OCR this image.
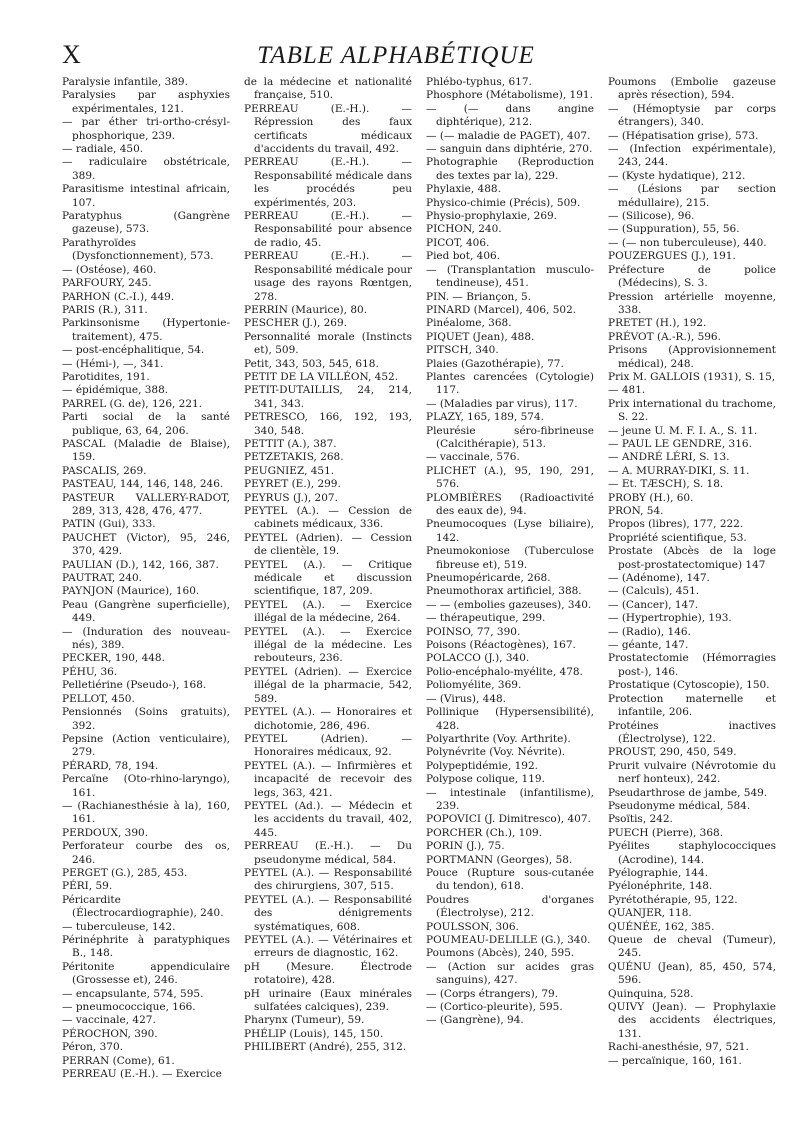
X	TABLE ALPHABÉTIQUE

Paralysie infantile, 389.

Paralysies par asphyxies expérimentales, 121.

— par éther tri-ortho-crésyl-phosphorique, 239.

— radiale, 450.

— radiculaire obstétricale, 389.

Parasitisme intestinal africain, 107.

Paratyphus (Gangrène gazeuse), 573.

Parathyroïdes (Dysfonctionnement), 573.

— (Ostéose), 460.

PARFOURY, 245.

PARHON (C.-I.), 449.

PARIS (R.), 311.

Parkinsonisme (Hypertonie-traitement), 475.

— post-encéphalitique, 54.

— (Hémi-), —, 341.

Parotidites, 191.

— épidémique, 388.

PARREL (G. de), 126, 221.

Parti social de la santé publique, 63, 64, 206.

PASCAL (Maladie de Blaise), 159.

PASCALIS, 269.

PASTEAU, 144, 146, 148, 246.

PASTEUR VALLERY-RADOT, 289, 313, 428, 476, 477.

PATIN (Gui), 333.

PAUCHET (Victor), 95, 246, 370, 429.

PAULIAN (D.), 142, 166, 387.

PAUTRAT, 240.

PAYNJON (Maurice), 160.

Peau (Gangrène superficielle), 449.

— (Induration des nouveau-nés), 389.

PECKER, 190, 448.

PÉHU, 36.

Pelletiérine (Pseudo-), 168.

PELLOT, 450.

Pensionnés (Soins gratuits), 392.

Pepsine (Action venticulaire), 279.

PÉRARD, 78, 194.

Percaïne (Oto-rhino-laryngo), 161.

— (Rachianesthésie à la), 160, 161.

PERDOUX, 390.

Perforateur courbe des os, 246.

PERGET (G.), 285, 453.

PÉRI, 59.

Péricardite (Électrocardiographie), 240.

— tuberculeuse, 142.

Périnéphrite à paratyphiques B., 148.

Péritonite appendiculaire (Grossesse et), 246.

— encapsulante, 574, 595.

— pneumococcique, 166.

— vaccinale, 427.

PÉROCHON, 390.

Péron, 370.

PERRAN (Come), 61.

PERREAU (E.-H.). — Exercice

de la médecine et nationalité française, 510.

PERREAU (E.-H.). — Répression des faux certificats médicaux d'accidents du travail, 492.

PERREAU (E.-H.). — Responsabilité médicale dans les procédés peu expérimentés, 203.

PERREAU (E.-H.). — Responsabilité pour absence de radio, 45.

PERREAU (E.-H.). — Responsabilité médicale pour usage des rayons Rœntgen, 278.

PERRIN (Maurice), 80.

PESCHER (J.), 269.

Personnalité morale (Instincts et), 509.

Petit, 343, 503, 545, 618.

PETIT DE LA VILLÉON, 452.

PETIT-DUTAILLIS, 24, 214, 341, 343.

PETRESCO, 166, 192, 193, 340, 548.

PETTIT (A.), 387.

PETZETAKIS, 268.

PEUGNIEZ, 451.

PEYRET (E.), 299.

PEYRUS (J.), 207.

PEYTEL (A.). — Cession de cabinets médicaux, 336.

PEYTEL (Adrien). — Cession de clientèle, 19.

PEYTEL (A.). — Critique médicale et discussion scientifique, 187, 209.

PEYTEL (A.). — Exercice illégal de la médecine, 264.

PEYTEL (A.). — Exercice illégal de la médecine. Les rebouteurs, 236.

PEYTEL (Adrien). — Exercice illégal de la pharmacie, 542, 589.

PEYTEL (A.). — Honoraires et dichotomie, 286, 496.

PEYTEL (Adrien). — Honoraires médicaux, 92.

PEYTEL (A.). — Infirmières et incapacité de recevoir des legs, 363, 421.

PEYTEL (Ad.). — Médecin et les accidents du travail, 402, 445.

PERREAU (E.-H.). — Du pseudonyme médical, 584.

PEYTEL (A.). — Responsabilité des chirurgiens, 307, 515.

PEYTEL (A.). — Responsabilité des dénigrements systématiques, 608.

PEYTEL (A.). — Vétérinaires et erreurs de diagnostic, 162.

pH (Mesure. Électrode rotatoire), 428.

pH urinaire (Eaux minérales sulfatées calciques), 239.

Pharynx (Tumeur), 59.

PHÉLIP (Louis), 145, 150.

PHILIBERT (André), 255, 312.

Phlébo-typhus, 617.

Phosphore (Métabolisme), 191.

— (— dans angine diphtérique), 212.

— (— maladie de PAGET), 407.

— sanguin dans diphtérie, 270.

Photographie (Reproduction des textes par la), 229.

Phylaxie, 488.

Physico-chimie (Précis), 509.

Physio-prophylaxie, 269.

PICHON, 240.

PICOT, 406.

Pied bot, 406.

— (Transplantation musculo-tendineuse), 451.

PIN. — Briançon, 5.

PINARD (Marcel), 406, 502.

Pinéalome, 368.

PIQUET (Jean), 488.

PITSCH, 340.

Plaies (Gazothérapie), 77.

Plantes carencées (Cytologie) 117.

— (Maladies par virus), 117.

PLAZY, 165, 189, 574.

Pleurésie séro-fibrineuse (Calcithérapie), 513.

— vaccinale, 576.

PLICHET (A.), 95, 190, 291, 576.

PLOMBIÈRES (Radioactivité des eaux de), 94.

Pneumocoques (Lyse biliaire), 142.

Pneumokoniose (Tuberculose fibreuse et), 519.

Pneumopéricarde, 268.

Pneumothorax artificiel, 388.

— — (embolies gazeuses), 340.

— thérapeutique, 299.

POINSO, 77, 390.

Poisons (Réactogènes), 167.

POLACCO (J.), 340.

Polio-encéphalo-myélite, 478.

Poliomyélite, 369.

— (Virus), 448.

Pollinique (Hypersensibilité), 428.

Polyarthrite (Voy. Arthrite).

Polynévrite (Voy. Névrite).

Polypeptidémie, 192.

Polypose colique, 119.

— intestinale (infantilisme), 239.

POPOVICI (J. Dimitresco), 407.

PORCHER (Ch.), 109.

PORIN (J.), 75.

PORTMANN (Georges), 58.

Pouce (Rupture sous-cutanée du tendon), 618.

Poudres d'organes (Électrolyse), 212.

POULSSON, 306.

POUMEAU-DELILLE (G.), 340.

Poumons (Abcès), 240, 595.

— (Action sur acides gras sanguins), 427.

— (Corps étrangers), 79.

— (Cortico-pleurite), 595.

— (Gangrène), 94.

Poumons (Embolie gazeuse après résection), 594.

— (Hémoptysie par corps étrangers), 340.

— (Hépatisation grise), 573.

— (Infection expérimentale), 243, 244.

— (Kyste hydatique), 212.

— (Lésions par section médullaire), 215.

— (Silicose), 96.

— (Suppuration), 55, 56.

— (— non tuberculeuse), 440.

POUZERGUES (J.), 191.

Préfecture de police (Médecins), S. 3.

Pression artérielle moyenne, 338.

PRETET (H.), 192.

PRÉVOT (A.-R.), 596.

Prisons (Approvisionnement médical), 248.

Prix M. GALLOIS (1931), S. 15,

— 481.

Prix international du trachome, S. 22.

— jeune U. M. F. I. A., S. 11.

— PAUL LE GENDRE, 316.

— ANDRÉ LÉRI, S. 13.

— A. MURRAY-DIKI, S. 11.

— Et. TÆSCH), S. 18.

PROBY (H.), 60.

PRON, 54.

Propos (libres), 177, 222.

Propriété scientifique, 53.

Prostate (Abcès de la loge post-prostatectomique) 147

— (Adénome), 147.

— (Calculs), 451.

— (Cancer), 147.

— (Hypertrophie), 193.

— (Radio), 146.

— géante, 147.

Prostatectomie (Hémorragies post-), 146.

Prostatique (Cytoscopie), 150.

Protection maternelle et infantile, 206.

Protéines inactives (Électrolyse), 122.

PROUST, 290, 450, 549.

Prurit vulvaire (Névrotomie du nerf honteux), 242.

Pseudarthrose de jambe, 549.

Pseudonyme médical, 584.

Psoïtis, 242.

PUECH (Pierre), 368.

Pyélites staphylococciques (Acrodine), 144.

Pyélographie, 144.

Pyélonéphrite, 148.

Pyrétothérapie, 95, 122.

QUANJER, 118.

QUÉNÉE, 162, 385.

Queue de cheval (Tumeur), 245.

QUÉNU (Jean), 85, 450, 574, 596.

Quinquina, 528.

QUIVY (Jean). — Prophylaxie des accidents électriques, 131.

Rachi-anesthésie, 97, 521.

— percaïnique, 160, 161.
